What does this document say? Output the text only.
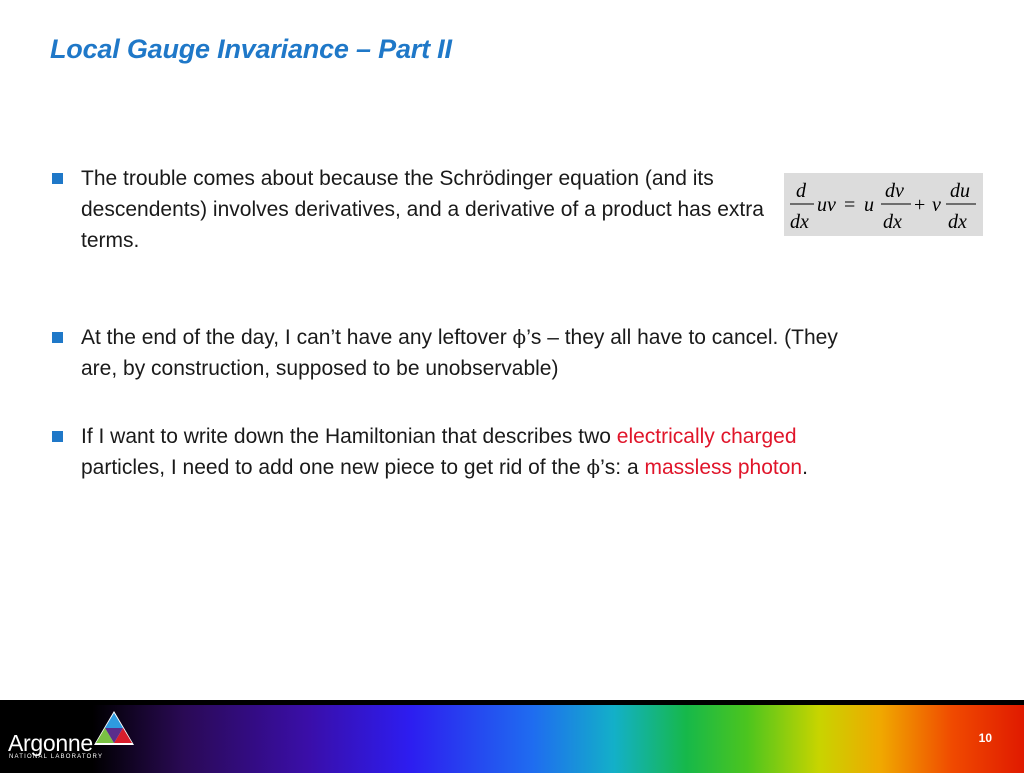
Local Gauge Invariance – Part II
The trouble comes about because the Schrödinger equation (and its descendents) involves derivatives, and a derivative of a product has extra terms.
d
dx
uv = u
dv
dx
+ v
du
dx
At the end of the day, I can’t have any leftover ϕ’s – they all have to cancel. (They are, by construction, supposed to be unobservable)
If I want to write down the Hamiltonian that describes two electrically charged particles, I need to add one new piece to get rid of the ϕ’s: a massless photon.
Argonne
NATIONAL LABORATORY
10
